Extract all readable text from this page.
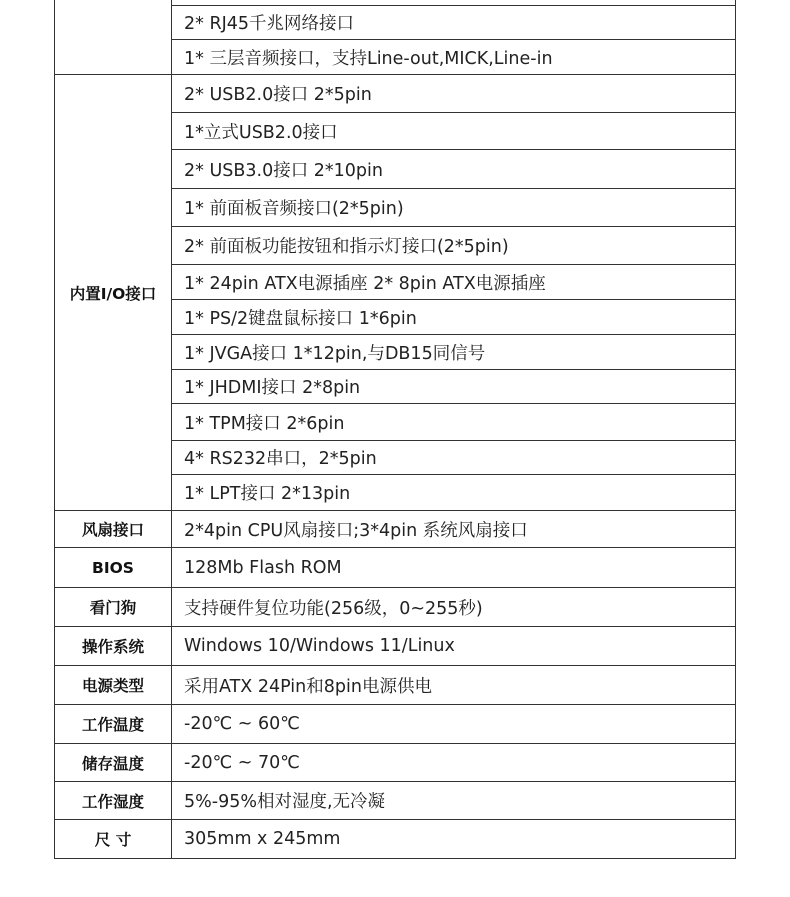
	2* RJ45千兆网络接口
	1* 三层音频接口，支持Line-out,MICK,Line-in
内置I/O接口	2* USB2.0接口 2*5pin
	1*立式USB2.0接口
	2* USB3.0接口 2*10pin
	1* 前面板音频接口(2*5pin)
	2* 前面板功能按钮和指示灯接口(2*5pin)
	1* 24pin ATX电源插座 2* 8pin ATX电源插座
	1* PS/2键盘鼠标接口 1*6pin
	1* JVGA接口 1*12pin,与DB15同信号
	1* JHDMI接口 2*8pin
	1* TPM接口 2*6pin
	4* RS232串口，2*5pin
	1* LPT接口 2*13pin
风扇接口	2*4pin CPU风扇接口;3*4pin 系统风扇接口
BIOS	128Mb Flash ROM
看门狗	支持硬件复位功能(256级，0~255秒)
操作系统	Windows 10/Windows 11/Linux
电源类型	采用ATX 24Pin和8pin电源供电
工作温度	-20℃ ~ 60℃
储存温度	-20℃ ~ 70℃
工作湿度	5%-95%相对湿度,无冷凝
尺 寸	305mm x 245mm
